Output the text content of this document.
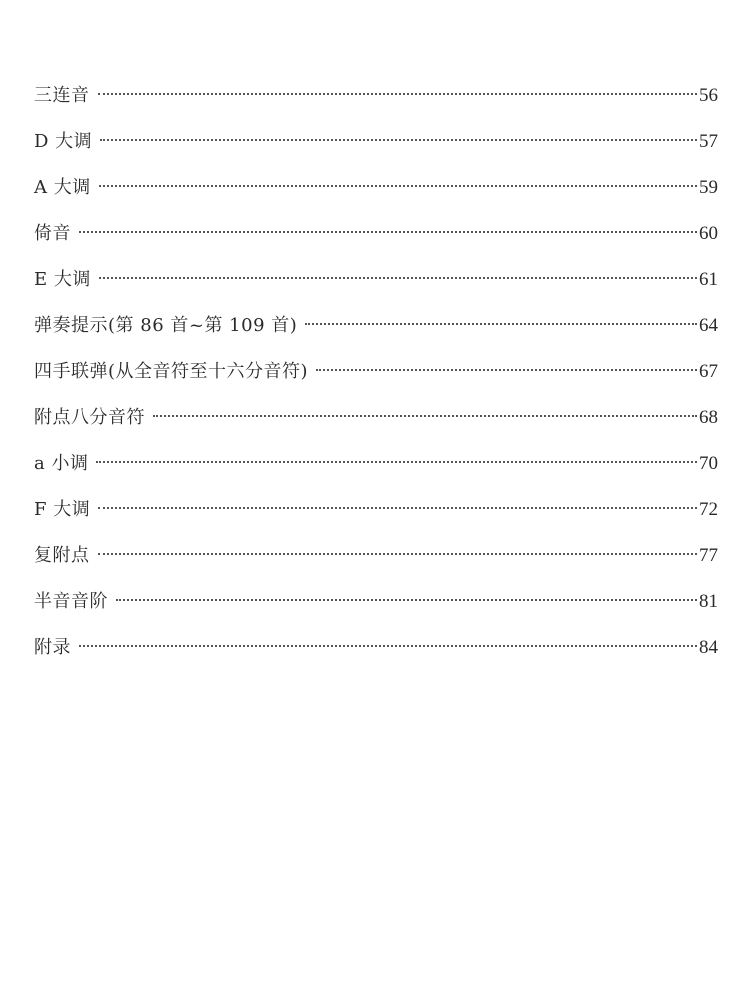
三连音	56
D 大调	57
A 大调	59
倚音	60
E 大调	61
弹奏提示(第 86 首~第 109 首)	64
四手联弹(从全音符至十六分音符)	67
附点八分音符	68
a 小调	70
F 大调	72
复附点	77
半音音阶	81
附录	84
